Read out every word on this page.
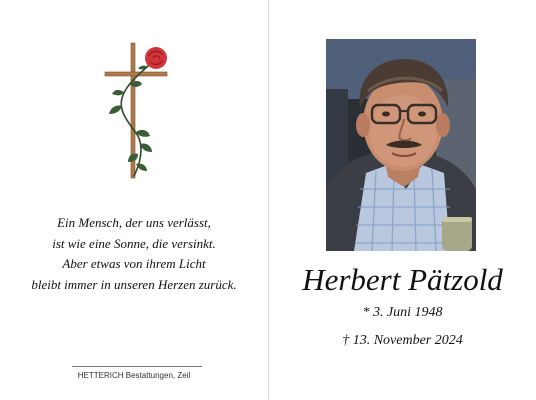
Ein Mensch, der uns verlässt,
ist wie eine Sonne, die versinkt.
Aber etwas von ihrem Licht
bleibt immer in unseren Herzen zurück.
HETTERICH Bestattungen, Zeil
Herbert Pätzold
* 3. Juni 1948
† 13. November 2024
